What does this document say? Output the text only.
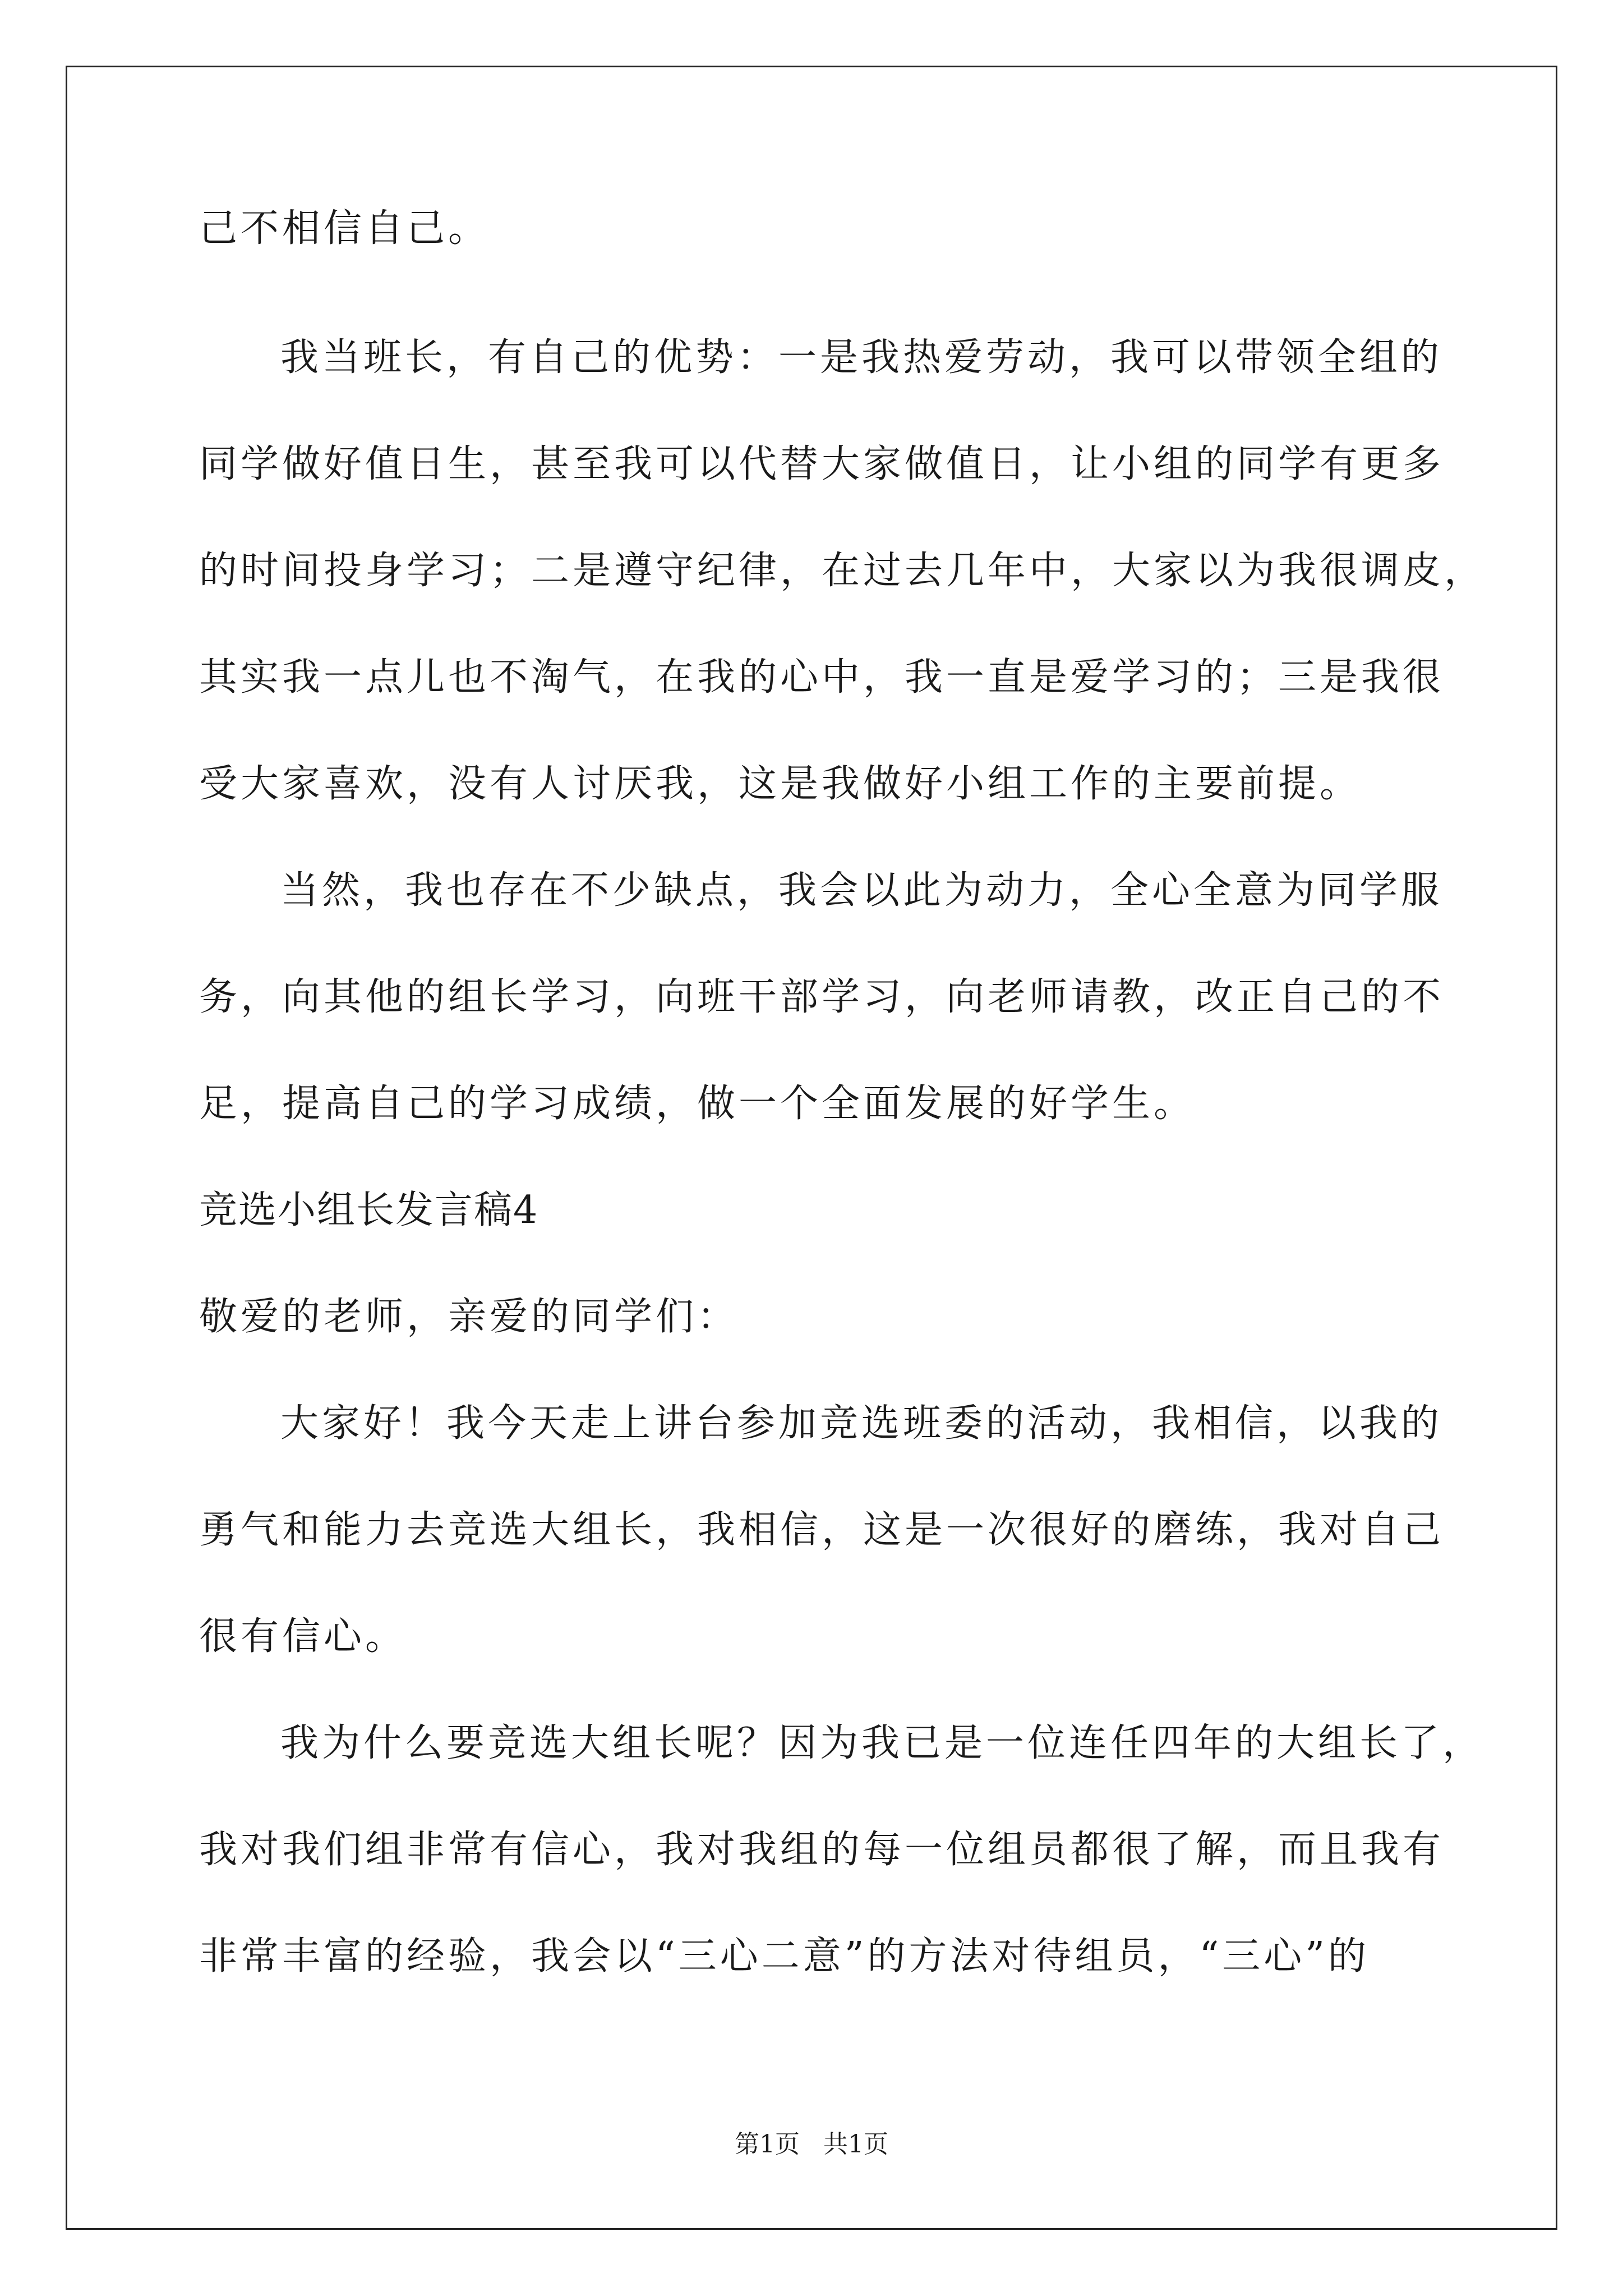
己不相信自己。
我当班长，有自己的优势：一是我热爱劳动，我可以带领全组的
同学做好值日生，甚至我可以代替大家做值日，让小组的同学有更多
的时间投身学习；二是遵守纪律，在过去几年中，大家以为我很调皮，
其实我一点儿也不淘气，在我的心中，我一直是爱学习的；三是我很
受大家喜欢，没有人讨厌我，这是我做好小组工作的主要前提。
当然，我也存在不少缺点，我会以此为动力，全心全意为同学服
务，向其他的组长学习，向班干部学习，向老师请教，改正自己的不
足，提高自己的学习成绩，做一个全面发展的好学生。
竞选小组长发言稿4
敬爱的老师，亲爱的同学们：
大家好！我今天走上讲台参加竞选班委的活动，我相信，以我的
勇气和能力去竞选大组长，我相信，这是一次很好的磨练，我对自己
很有信心。
我为什么要竞选大组长呢？因为我已是一位连任四年的大组长了，
我对我们组非常有信心，我对我组的每一位组员都很了解，而且我有
非常丰富的经验，我会以“三心二意”的方法对待组员，“三心”的
第1页   共1页
